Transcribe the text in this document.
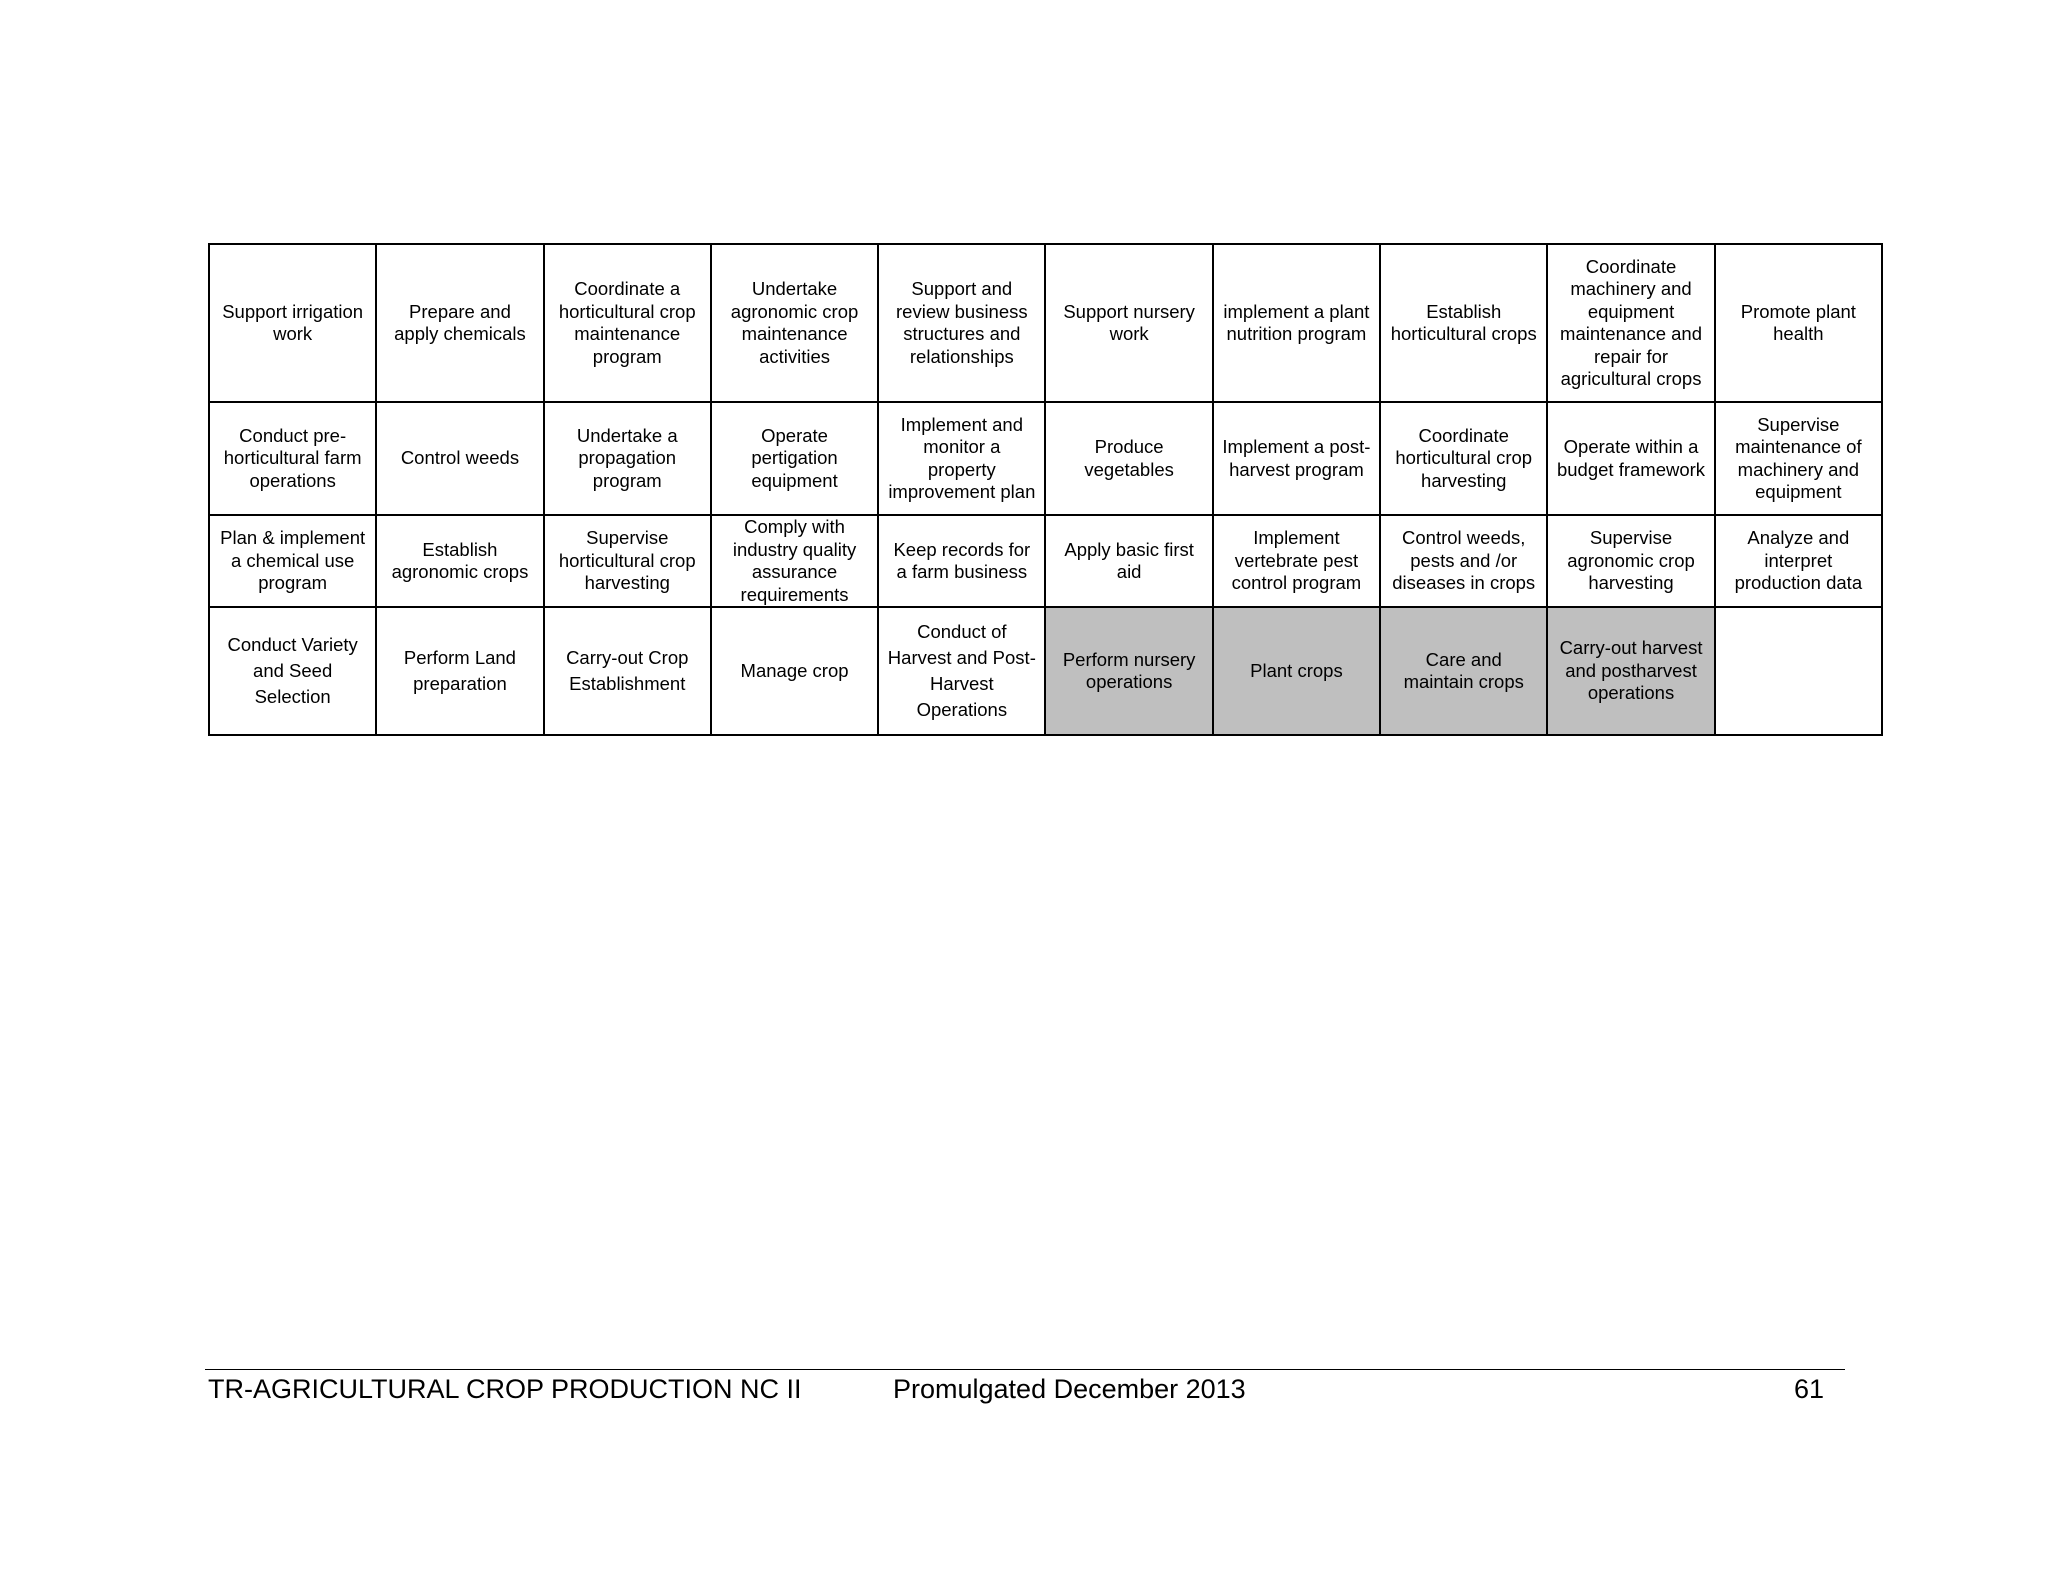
Support irrigation work	Prepare and apply chemicals	Coordinate a horticultural crop maintenance program	Undertake agronomic crop maintenance activities	Support and review business structures and relationships	Support nursery work	implement a plant nutrition program	Establish horticultural crops	Coordinate machinery and equipment maintenance and repair for agricultural crops	Promote plant health
Conduct pre-horticultural farm operations	Control weeds	Undertake a propagation program	Operate pertigation equipment	Implement and monitor a property improvement plan	Produce vegetables	Implement a post-harvest program	Coordinate horticultural crop harvesting	Operate within a budget framework	Supervise maintenance of machinery and equipment
Plan & implement a chemical use program	Establish agronomic crops	Supervise horticultural crop harvesting	Comply with industry quality assurance requirements	Keep records for a farm business	Apply basic first aid	Implement vertebrate pest control program	Control weeds, pests and /or diseases in crops	Supervise agronomic crop harvesting	Analyze and interpret production data
Conduct Variety and Seed Selection	Perform Land preparation	Carry-out Crop Establishment	Manage crop	Conduct of Harvest and Post-Harvest Operations	Perform nursery operations	Plant crops	Care and maintain crops	Carry-out harvest and postharvest operations	
TR-AGRICULTURAL CROP PRODUCTION NC II	Promulgated December 2013	61
